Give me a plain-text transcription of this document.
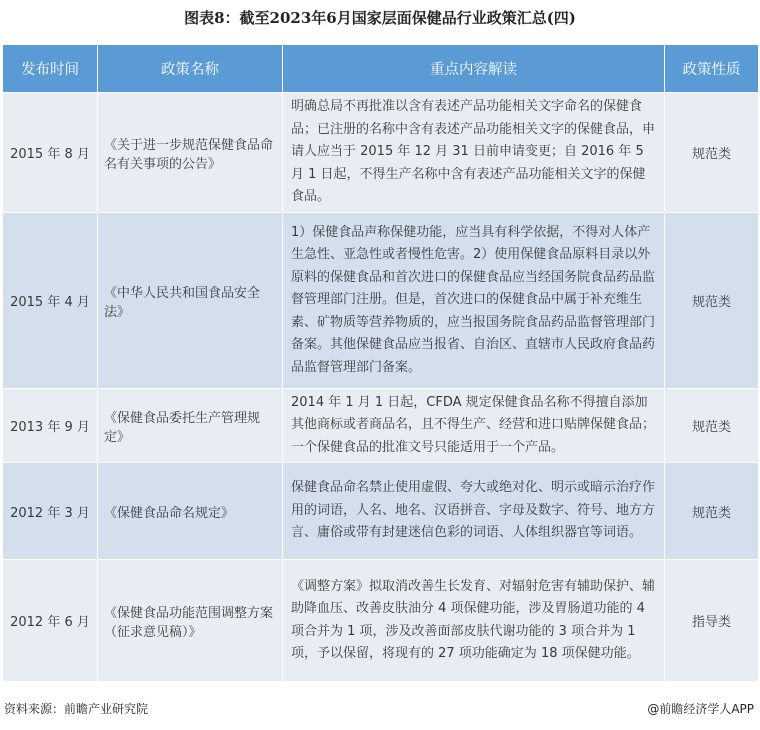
图表8：截至2023年6月国家层面保健品行业政策汇总(四)
发布时间	政策名称	重点内容解读	政策性质
2015 年 8 月	《关于进一步规范保健食品命名有关事项的公告》	明确总局不再批准以含有表述产品功能相关文字命名的保健食品；已注册的名称中含有表述产品功能相关文字的保健食品，申请人应当于 2015 年 12 月 31 日前申请变更；自 2016 年 5 月 1 日起，不得生产名称中含有表述产品功能相关文字的保健食品。	规范类
2015 年 4 月	《中华人民共和国食品安全法》	1）保健食品声称保健功能，应当具有科学依据，不得对人体产生急性、亚急性或者慢性危害。2）使用保健食品原料目录以外原料的保健食品和首次进口的保健食品应当经国务院食品药品监督管理部门注册。但是，首次进口的保健食品中属于补充维生素、矿物质等营养物质的，应当报国务院食品药品监督管理部门备案。其他保健食品应当报省、自治区、直辖市人民政府食品药品监督管理部门备案。	规范类
2013 年 9 月	《保健食品委托生产管理规定》	2014 年 1 月 1 日起，CFDA 规定保健食品名称不得擅自添加其他商标或者商品名，且不得生产、经营和进口贴牌保健食品；一个保健食品的批准文号只能适用于一个产品。	规范类
2012 年 3 月	《保健食品命名规定》	保健食品命名禁止使用虚假、夸大或绝对化、明示或暗示治疗作用的词语，人名、地名、汉语拼音、字母及数字、符号、地方方言、庸俗或带有封建迷信色彩的词语、人体组织器官等词语。	规范类
2012 年 6 月	《保健食品功能范围调整方案（征求意见稿）》	《调整方案》拟取消改善生长发育、对辐射危害有辅助保护、辅助降血压、改善皮肤油分 4 项保健功能，涉及胃肠道功能的 4 项合并为 1 项，涉及改善面部皮肤代谢功能的 3 项合并为 1 项，予以保留，将现有的 27 项功能确定为 18 项保健功能。	指导类
资料来源：前瞻产业研究院	@前瞻经济学人APP
